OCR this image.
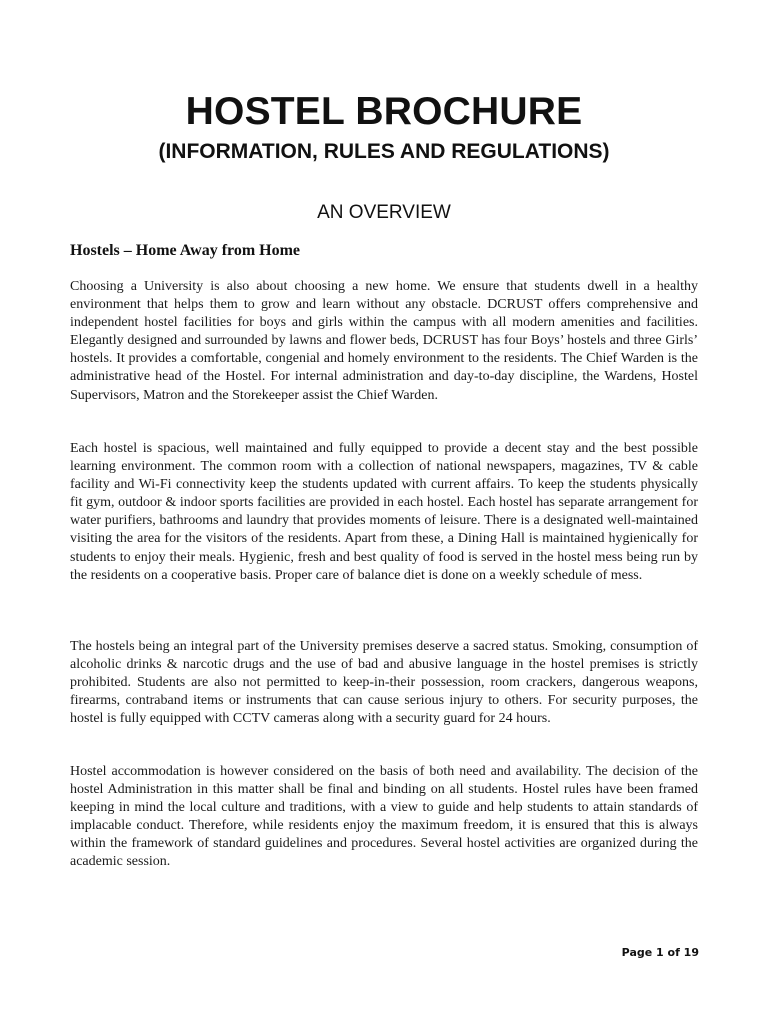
HOSTEL BROCHURE
(INFORMATION, RULES AND REGULATIONS)
AN OVERVIEW
Hostels – Home Away from Home

Choosing a University is also about choosing a new home. We ensure that students dwell in a healthy environment that helps them to grow and learn without any obstacle. DCRUST offers comprehensive and independent hostel facilities for boys and girls within the campus with all modern amenities and facilities. Elegantly designed and surrounded by lawns and flower beds, DCRUST has four Boys’ hostels and three Girls’ hostels. It provides a comfortable, congenial and homely environment to the residents. The Chief Warden is the administrative head of the Hostel. For internal administration and day-to-day discipline, the Wardens, Hostel Supervisors, Matron and the Storekeeper assist the Chief Warden.

Each hostel is spacious, well maintained and fully equipped to provide a decent stay and the best possible learning environment. The common room with a collection of national newspapers, magazines, TV & cable facility and Wi-Fi connectivity keep the students updated with current affairs. To keep the students physically fit gym, outdoor & indoor sports facilities are provided in each hostel. Each hostel has separate arrangement for water purifiers, bathrooms and laundry that provides moments of leisure. There is a designated well-maintained visiting the area for the visitors of the residents. Apart from these, a Dining Hall is maintained hygienically for students to enjoy their meals. Hygienic, fresh and best quality of food is served in the hostel mess being run by the residents on a cooperative basis. Proper care of balance diet is done on a weekly schedule of mess.

The hostels being an integral part of the University premises deserve a sacred status. Smoking, consumption of alcoholic drinks & narcotic drugs and the use of bad and abusive language in the hostel premises is strictly prohibited. Students are also not permitted to keep-in-their possession, room crackers, dangerous weapons, firearms, contraband items or instruments that can cause serious injury to others. For security purposes, the hostel is fully equipped with CCTV cameras along with a security guard for 24 hours.

Hostel accommodation is however considered on the basis of both need and availability. The decision of the hostel Administration in this matter shall be final and binding on all students. Hostel rules have been framed keeping in mind the local culture and traditions, with a view to guide and help students to attain standards of implacable conduct. Therefore, while residents enjoy the maximum freedom, it is ensured that this is always within the framework of standard guidelines and procedures. Several hostel activities are organized during the academic session.

Page 1 of 19
